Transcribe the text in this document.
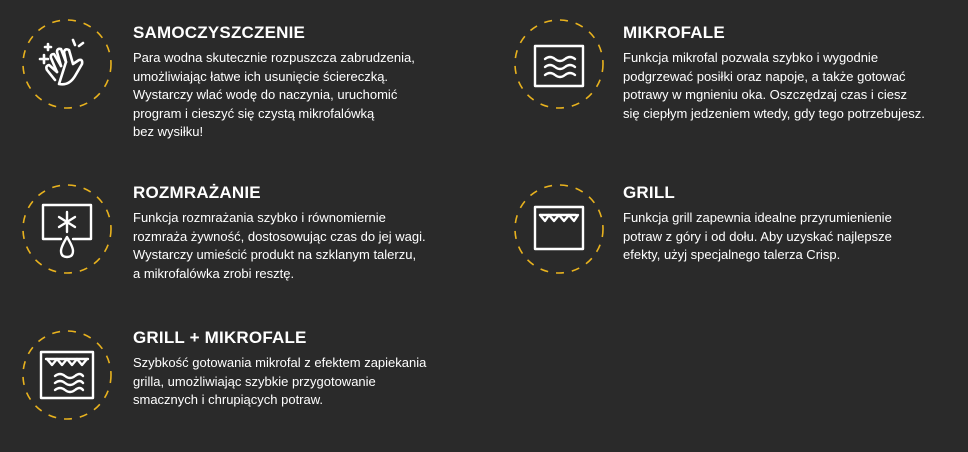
SAMOCZYSZCZENIE

Para wodna skutecznie rozpuszcza zabrudzenia,
umożliwiając łatwe ich usunięcie ściereczką.
Wystarczy wlać wodę do naczynia, uruchomić
program i cieszyć się czystą mikrofalówką
bez wysiłku!

MIKROFALE

Funkcja mikrofal pozwala szybko i wygodnie
podgrzewać posiłki oraz napoje, a także gotować
potrawy w mgnieniu oka. Oszczędzaj czas i ciesz
się ciepłym jedzeniem wtedy, gdy tego potrzebujesz.

ROZMRAŻANIE

Funkcja rozmrażania szybko i równomiernie
rozmraża żywność, dostosowując czas do jej wagi.
Wystarczy umieścić produkt na szklanym talerzu,
a mikrofalówka zrobi resztę.

GRILL

Funkcja grill zapewnia idealne przyrumienienie
potraw z góry i od dołu. Aby uzyskać najlepsze
efekty, użyj specjalnego talerza Crisp.

GRILL + MIKROFALE

Szybkość gotowania mikrofal z efektem zapiekania
grilla, umożliwiając szybkie przygotowanie
smacznych i chrupiących potraw.
